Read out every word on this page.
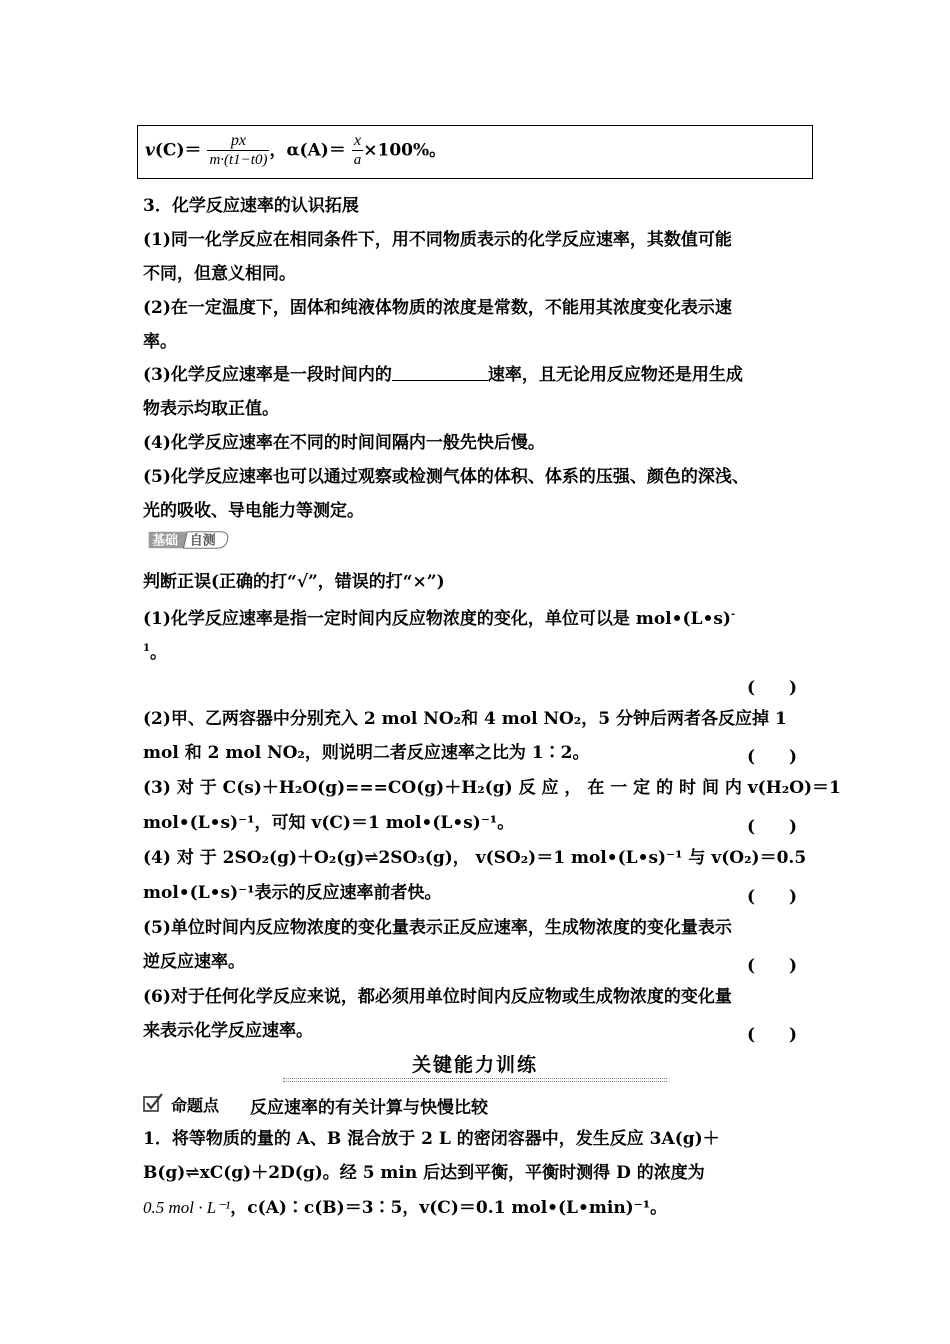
$v(C)= \frac{px}{m\cdot(t1-t0)}$ ，$\alpha(A)= \frac{x}{a} \times 100\%$。
3．化学反应速率的认识拓展
(1)同一化学反应在相同条件下，用不同物质表示的化学反应速率，其数值可能
不同，但意义相同。
(2)在一定温度下，固体和纯液体物质的浓度是常数，不能用其浓度变化表示速
率。
(3)化学反应速率是一段时间内的	速率，且无论用反应物还是用生成
物表示均取正值。
(4)化学反应速率在不同的时间间隔内一般先快后慢。
(5)化学反应速率也可以通过观察或检测气体的体积、体系的压强、颜色的深浅、
光的吸收、导电能力等测定。
基础 自测
判断正误(正确的打“√”，错误的打“×”)
(1)化学反应速率是指一定时间内反应物浓度的变化，单位可以是 mol•(L•s)-
$^1$。
(　　)
(2)甲、乙两容器中分别充入 2 mol NO₂和 4 mol NO₂，5 分钟后两者各反应掉 1
mol 和 2 mol NO₂，则说明二者反应速率之比为 1∶2。	(　　)
(3) 对 于 C(s)＋H₂O(g)===CO(g)＋H₂(g) 反 应 ， 在 一 定 的 时 间 内 v(H₂O)＝1
mol•(L•s)⁻¹，可知 v(C)＝1 mol•(L•s)⁻¹。	(　　)
(4) 对 于 2SO₂(g)＋O₂(g)⇌2SO₃(g)， v(SO₂)＝1 mol•(L•s)⁻¹ 与 v(O₂)＝0.5
mol•(L•s)⁻¹表示的反应速率前者快。	(　　)
(5)单位时间内反应物浓度的变化量表示正反应速率，生成物浓度的变化量表示
逆反应速率。	(　　)
(6)对于任何化学反应来说，都必须用单位时间内反应物或生成物浓度的变化量
来表示化学反应速率。	(　　)
关键能力训练
命题点 反应速率的有关计算与快慢比较
1．将等物质的量的 A、B 混合放于 2 L 的密闭容器中，发生反应 3A(g)＋
B(g)⇌xC(g)＋2D(g)。经 5 min 后达到平衡，平衡时测得 D 的浓度为
0.5 mol · L⁻¹，c(A)∶c(B)＝3∶5，v(C)＝0.1 mol•(L•min)⁻¹。
